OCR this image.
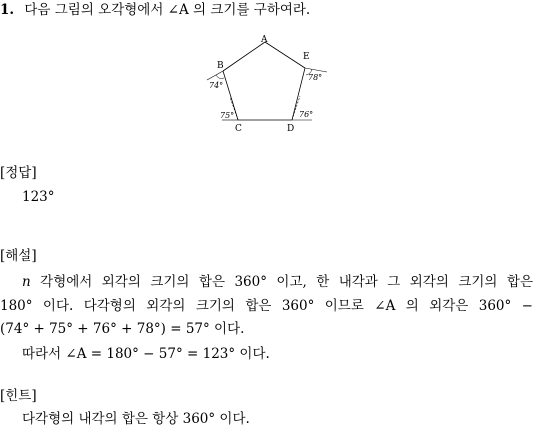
1. 다음 그림의 오각형에서 ∠A 의 크기를 구하여라.
A
B
C	D
E
74°
75°	76°
78°
[정답]
123°
[해설]
n 각형에서 외각의 크기의 합은 360° 이고, 한 내각과 그 외각의 크기의 합은
180° 이다. 다각형의 외각의 크기의 합은 360° 이므로 ∠A 의 외각은 360° −
(74° + 75° + 76° + 78°) = 57° 이다.
따라서 ∠A = 180° − 57° = 123° 이다.
[힌트]
다각형의 내각의 합은 항상 360° 이다.
